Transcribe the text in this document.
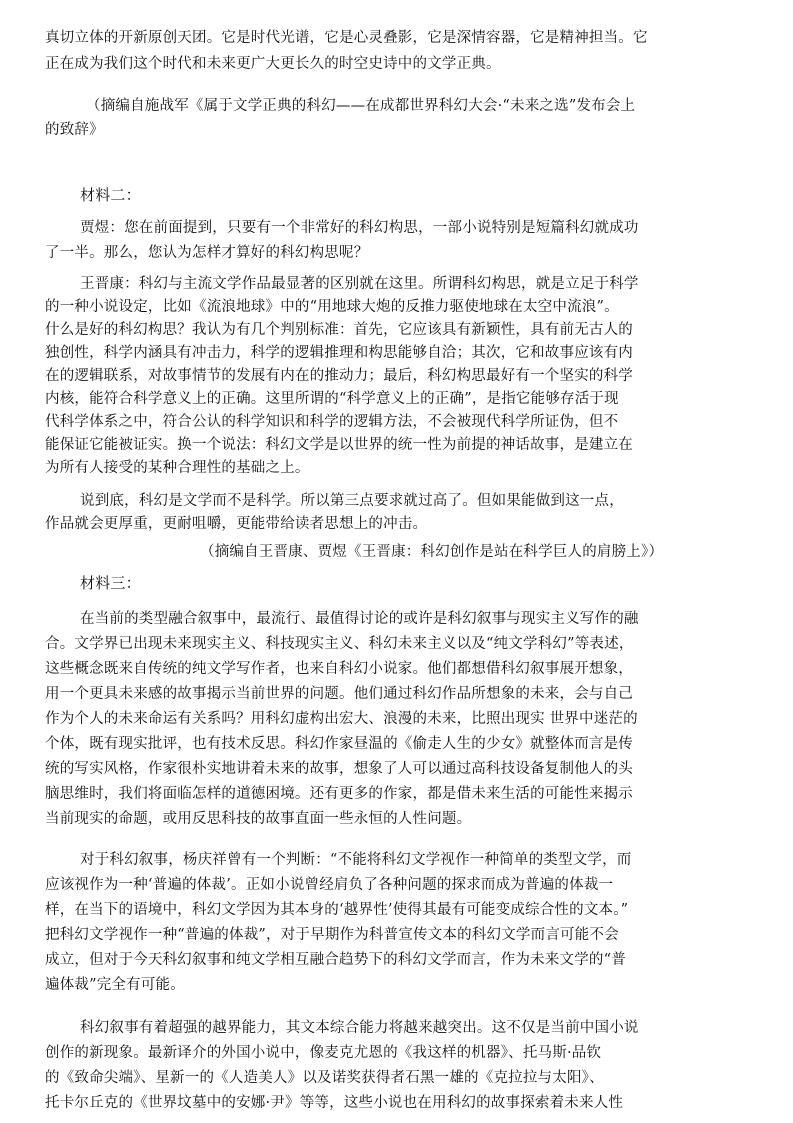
真切立体的开新原创天团。它是时代光谱，它是心灵叠影，它是深情容器，它是精神担当。它
正在成为我们这个时代和未来更广大更长久的时空史诗中的文学正典。
（摘编自施战军《属于文学正典的科幻——在成都世界科幻大会·“未来之选”发布会上
的致辞》
材料二：
贾煜：您在前面提到，只要有一个非常好的科幻构思，一部小说特别是短篇科幻就成功
了一半。那么，您认为怎样才算好的科幻构思呢？
王晋康：科幻与主流文学作品最显著的区别就在这里。所谓科幻构思，就是立足于科学
的一种小说设定，比如《流浪地球》中的“用地球大炮的反推力驱使地球在太空中流浪”。
什么是好的科幻构思？我认为有几个判别标准：首先，它应该具有新颖性，具有前无古人的
独创性，科学内涵具有冲击力，科学的逻辑推理和构思能够自洽；其次，它和故事应该有内
在的逻辑联系，对故事情节的发展有内在的推动力；最后，科幻构思最好有一个坚实的科学
内核，能符合科学意义上的正确。这里所谓的“科学意义上的正确”，是指它能够存活于现
代科学体系之中，符合公认的科学知识和科学的逻辑方法，不会被现代科学所证伪，但不
能保证它能被证实。换一个说法：科幻文学是以世界的统一性为前提的神话故事，是建立在
为所有人接受的某种合理性的基础之上。
说到底，科幻是文学而不是科学。所以第三点要求就过高了。但如果能做到这一点，
作品就会更厚重，更耐咀嚼，更能带给读者思想上的冲击。
（摘编自王晋康、贾煜《王晋康：科幻创作是站在科学巨人的肩膀上》）
材料三：
在当前的类型融合叙事中，最流行、最值得讨论的或许是科幻叙事与现实主义写作的融
合。文学界已出现未来现实主义、科技现实主义、科幻未来主义以及“纯文学科幻”等表述，
这些概念既来自传统的纯文学写作者，也来自科幻小说家。他们都想借科幻叙事展开想象，
用一个更具未来感的故事揭示当前世界的问题。他们通过科幻作品所想象的未来，会与自己
作为个人的未来命运有关系吗？用科幻虚构出宏大、浪漫的未来，比照出现实 世界中迷茫的
个体，既有现实批评，也有技术反思。科幻作家昼温的《偷走人生的少女》就整体而言是传
统的写实风格，作家很朴实地讲着未来的故事，想象了人可以通过高科技设备复制他人的头
脑思维时，我们将面临怎样的道德困境。还有更多的作家，都是借未来生活的可能性来揭示
当前现实的命题，或用反思科技的故事直面一些永恒的人性问题。
对于科幻叙事，杨庆祥曾有一个判断：“不能将科幻文学视作一种简单的类型文学，而
应该视作为一种‘普遍的体裁’。正如小说曾经肩负了各种问题的探求而成为普遍的体裁一
样，在当下的语境中，科幻文学因为其本身的‘越界性’使得其最有可能变成综合性的文本。”
把科幻文学视作一种“普遍的体裁”，对于早期作为科普宣传文本的科幻文学而言可能不会
成立，但对于今天科幻叙事和纯文学相互融合趋势下的科幻文学而言，作为未来文学的“普
遍体裁”完全有可能。
科幻叙事有着超强的越界能力，其文本综合能力将越来越突出。这不仅是当前中国小说
创作的新现象。最新译介的外国小说中，像麦克尤恩的《我这样的机器》、托马斯·品钦
的《致命尖端》、星新一的《人造美人》以及诺奖获得者石黑一雄的《克拉拉与太阳》、
托卡尔丘克的《世界坟墓中的安娜·尹》等等，这些小说也在用科幻的故事探索着未来人性
